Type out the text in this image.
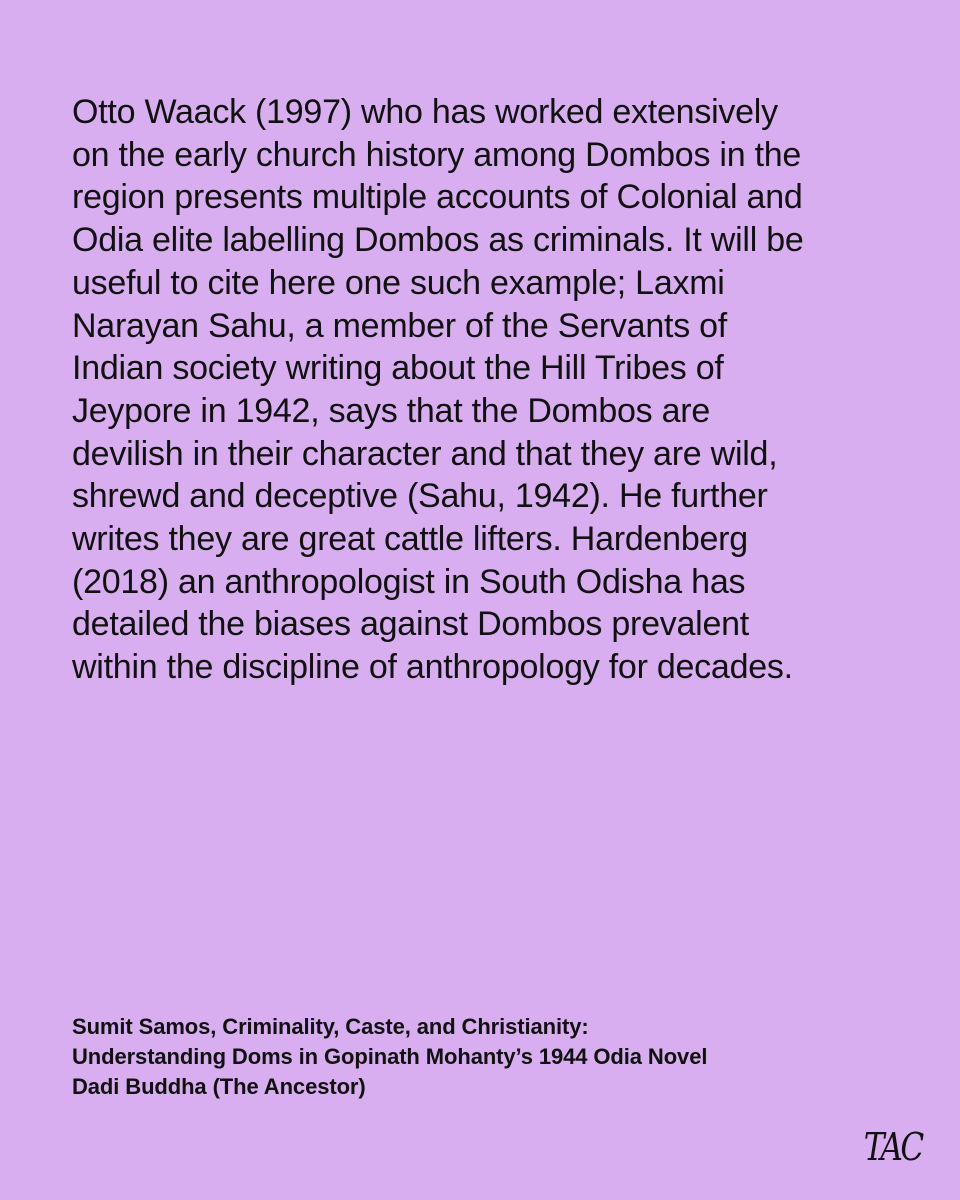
Otto Waack (1997) who has worked extensively
on the early church history among Dombos in the
region presents multiple accounts of Colonial and
Odia elite labelling Dombos as criminals. It will be
useful to cite here one such example; Laxmi
Narayan Sahu, a member of the Servants of
Indian society writing about the Hill Tribes of
Jeypore in 1942, says that the Dombos are
devilish in their character and that they are wild,
shrewd and deceptive (Sahu, 1942). He further
writes they are great cattle lifters. Hardenberg
(2018) an anthropologist in South Odisha has
detailed the biases against Dombos prevalent
within the discipline of anthropology for decades.

Sumit Samos, Criminality, Caste, and Christianity:
Understanding Doms in Gopinath Mohanty’s 1944 Odia Novel
Dadi Buddha (The Ancestor)

TAC
